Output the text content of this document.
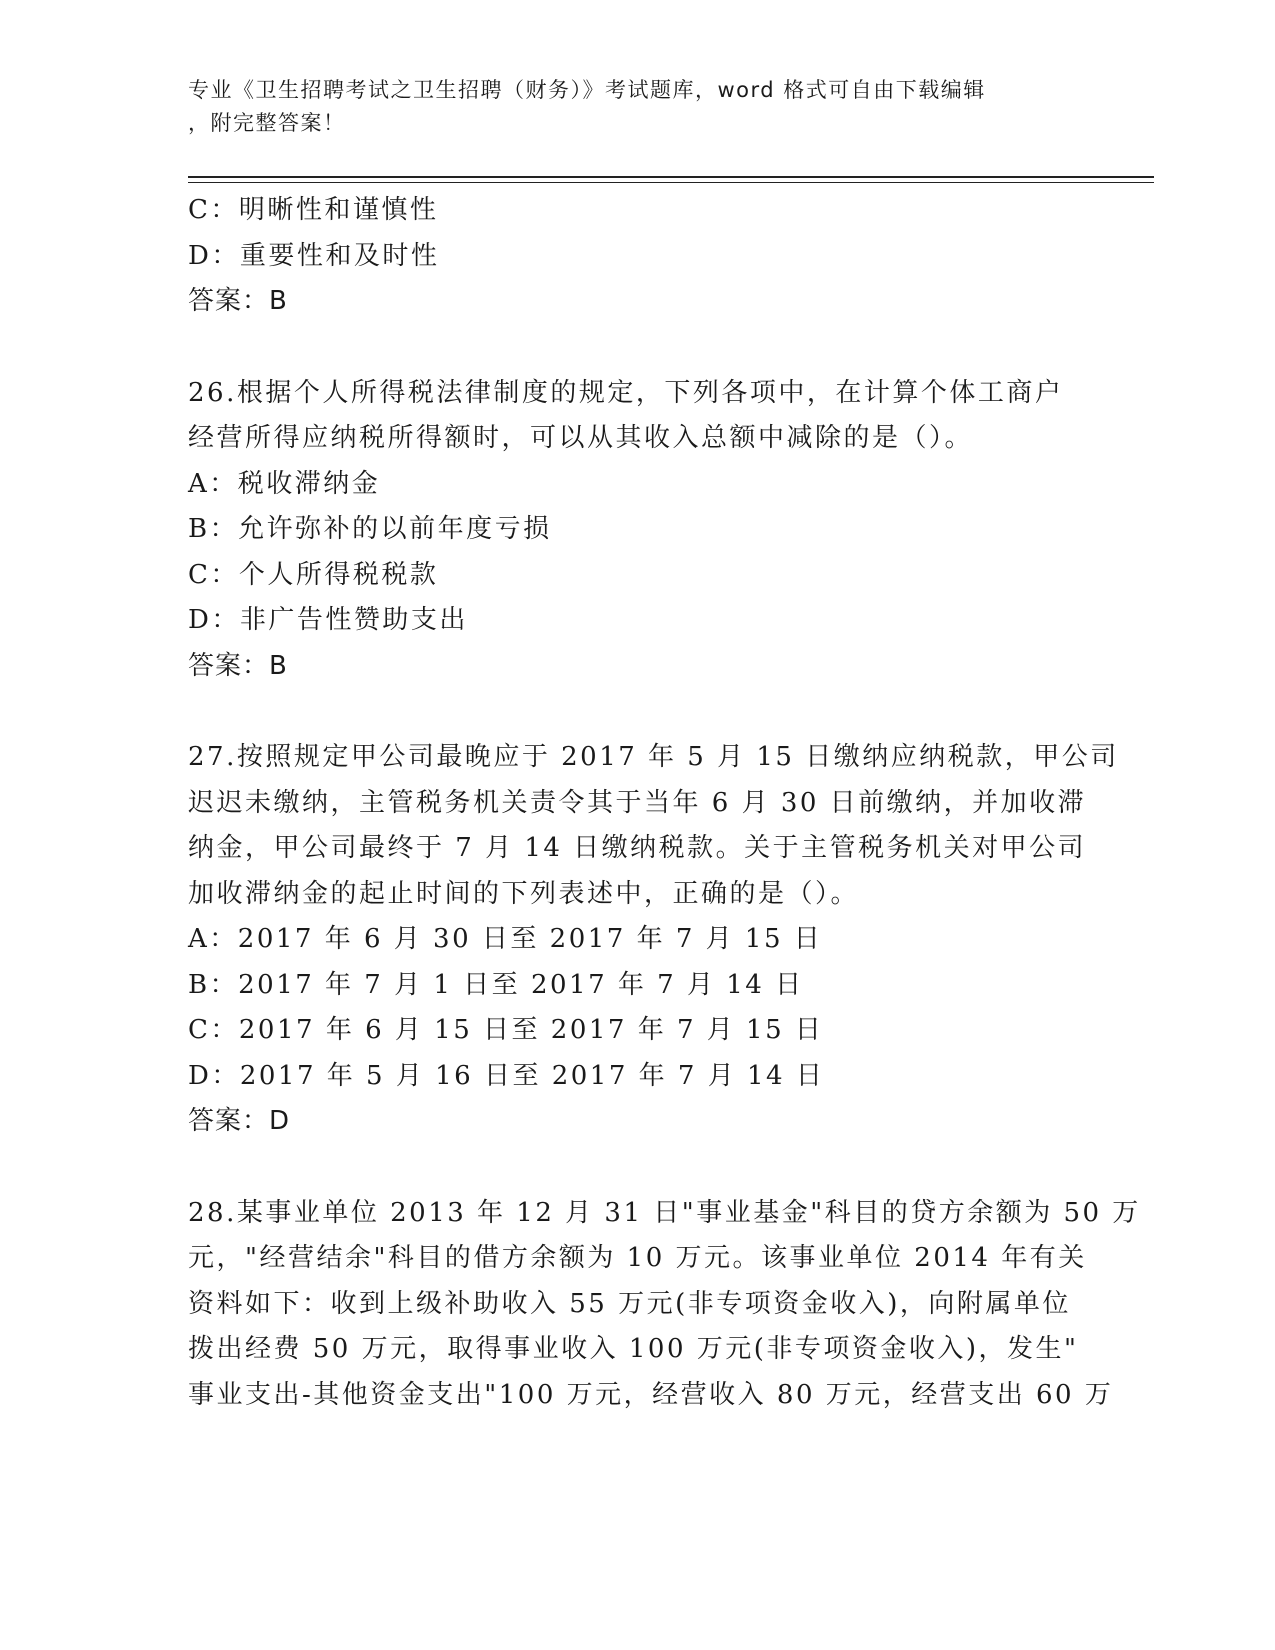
专业《卫生招聘考试之卫生招聘（财务）》考试题库，word 格式可自由下载编辑
，附完整答案！
C：明晰性和谨慎性
D：重要性和及时性
答案：B
26.根据个人所得税法律制度的规定，下列各项中，在计算个体工商户
经营所得应纳税所得额时，可以从其收入总额中减除的是（）。
A：税收滞纳金
B：允许弥补的以前年度亏损
C：个人所得税税款
D：非广告性赞助支出
答案：B
27.按照规定甲公司最晚应于 2017 年 5 月 15 日缴纳应纳税款，甲公司
迟迟未缴纳，主管税务机关责令其于当年 6 月 30 日前缴纳，并加收滞
纳金，甲公司最终于 7 月 14 日缴纳税款。关于主管税务机关对甲公司
加收滞纳金的起止时间的下列表述中，正确的是（）。
A：2017 年 6 月 30 日至 2017 年 7 月 15 日
B：2017 年 7 月 1 日至 2017 年 7 月 14 日
C：2017 年 6 月 15 日至 2017 年 7 月 15 日
D：2017 年 5 月 16 日至 2017 年 7 月 14 日
答案：D
28.某事业单位 2013 年 12 月 31 日"事业基金"科目的贷方余额为 50 万
元，"经营结余"科目的借方余额为 10 万元。该事业单位 2014 年有关
资料如下：收到上级补助收入 55 万元(非专项资金收入)，向附属单位
拨出经费 50 万元，取得事业收入 100 万元(非专项资金收入)，发生"
事业支出-其他资金支出"100 万元，经营收入 80 万元，经营支出 60 万
